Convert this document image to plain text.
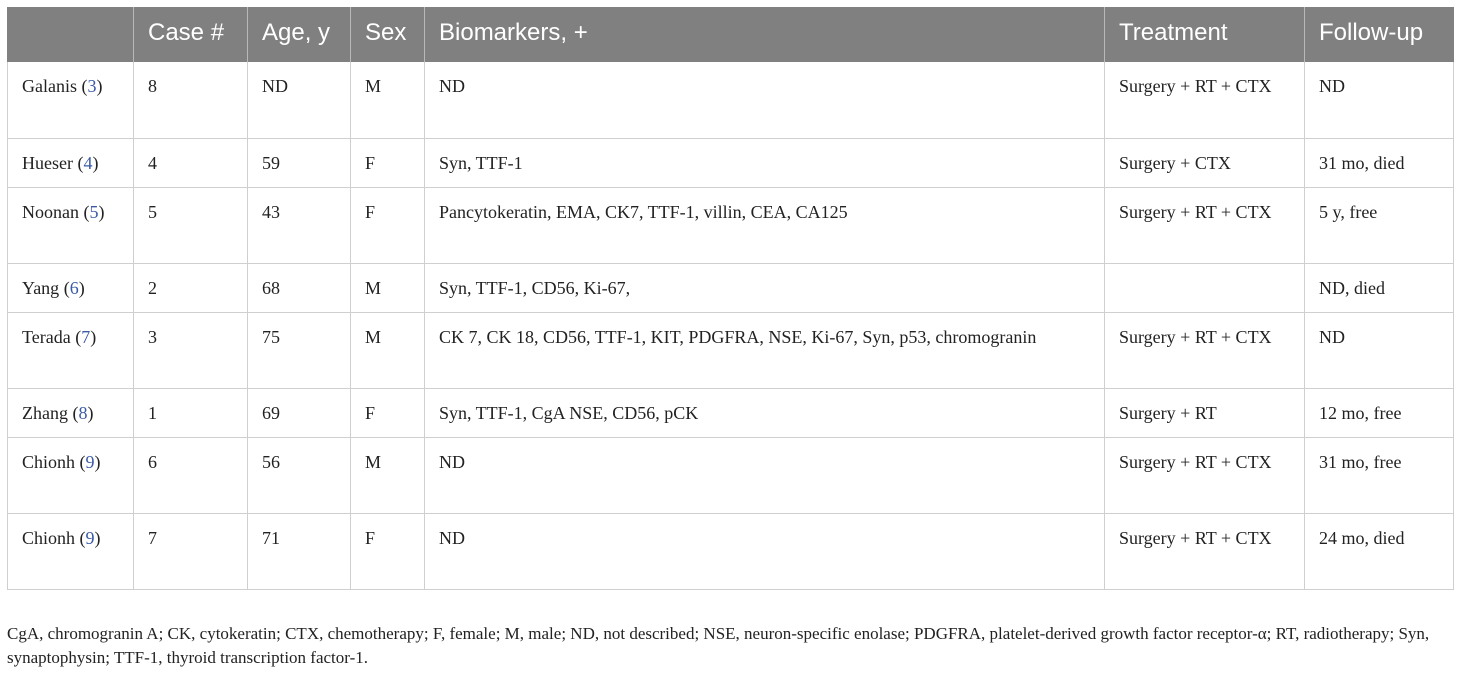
	Case #	Age, y	Sex	Biomarkers, +	Treatment	Follow-up
Galanis (3)	8	ND	M	ND	Surgery + RT + CTX	ND
Hueser (4)	4	59	F	Syn, TTF-1	Surgery + CTX	31 mo, died
Noonan (5)	5	43	F	Pancytokeratin, EMA, CK7, TTF-1, villin, CEA, CA125	Surgery + RT + CTX	5 y, free
Yang (6)	2	68	M	Syn, TTF-1, CD56, Ki-67,		ND, died
Terada (7)	3	75	M	CK 7, CK 18, CD56, TTF-1, KIT, PDGFRA, NSE, Ki-67, Syn, p53, chromogranin	Surgery + RT + CTX	ND
Zhang (8)	1	69	F	Syn, TTF-1, CgA NSE, CD56, pCK	Surgery + RT	12 mo, free
Chionh (9)	6	56	M	ND	Surgery + RT + CTX	31 mo, free
Chionh (9)	7	71	F	ND	Surgery + RT + CTX	24 mo, died
CgA, chromogranin A; CK, cytokeratin; CTX, chemotherapy; F, female; M, male; ND, not described; NSE, neuron-specific enolase; PDGFRA, platelet-derived growth factor receptor-α; RT, radiotherapy; Syn, synaptophysin; TTF-1, thyroid transcription factor-1.
